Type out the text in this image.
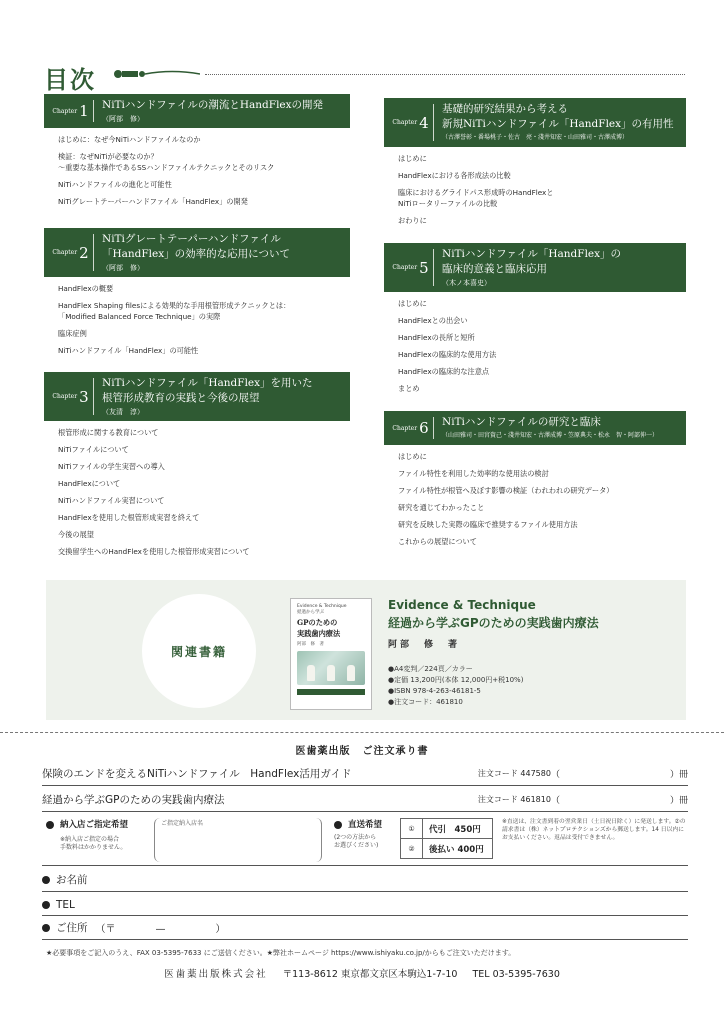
目次
Chapter 1 NiTiハンドファイルの潮流とHandFlexの開発
（阿部　修）
はじめに：なぜ今NiTiハンドファイルなのか
検証：なぜNiTiが必要なのか？
～重要な基本操作であるSSハンドファイルテクニックとそのリスク
NiTiハンドファイルの進化と可能性
NiTiグレートテーパーハンドファイル「HandFlex」の開発
Chapter 2
NiTiグレートテーパーハンドファイル
「HandFlex」の効率的な応用について
（阿部　修）
HandFlexの概要
HandFlex Shaping filesによる効果的な手用根管形成テクニックとは：
「Modified Balanced Force Technique」の実際
臨床症例
NiTiハンドファイル「HandFlex」の可能性
Chapter 3
NiTiハンドファイル「HandFlex」を用いた
根管形成教育の実践と今後の展望
（友清　淳）
根管形成に関する教育について
NiTiファイルについて
NiTiファイルの学生実習への導入
HandFlexについて
NiTiハンドファイル実習について
HandFlexを使用した根管形成実習を終えて
今後の展望
交換留学生へのHandFlexを使用した根管形成実習について
Chapter 4
基礎的研究結果から考える
新規NiTiハンドファイル「HandFlex」の有用性
（古澤誉彰・番場桃子・佐古　亮・淺井知宏・山田雅司・古澤成博）
はじめに
HandFlexにおける各形成法の比較
臨床におけるグライドパス形成時のHandFlexと
NiTiロータリーファイルの比較
おわりに
Chapter 5
NiTiハンドファイル「HandFlex」の
臨床的意義と臨床応用
（木ノ本喜史）
はじめに
HandFlexとの出会い
HandFlexの長所と短所
HandFlexの臨床的な使用方法
HandFlexの臨床的な注意点
まとめ
Chapter 6 NiTiハンドファイルの研究と臨床
（山田雅司・田宮資己・淺井知宏・古澤成博・笠原典夫・松永　智・阿部伸一）
はじめに
ファイル特性を利用した効率的な使用法の検討
ファイル特性が根管へ及ぼす影響の検証（われわれの研究データ）
研究を通じてわかったこと
研究を反映した実際の臨床で推奨するファイル使用方法
これからの展望について
関連書籍
Evidence & Technique
経過から学ぶ
GPのための
実践歯内療法
阿部　修　著
Evidence & Technique
経過から学ぶGPのための実践歯内療法
阿部　修　著
●A4変判／224頁／カラー
●定価 13,200円(本体 12,000円+税10%)
●ISBN 978-4-263-46181-5
●注文コード：461810
医歯薬出版 ご注文承り書
保険のエンドを変えるNiTiハンドファイル　HandFlex活用ガイド	注文コード 447580 （	）冊
経過から学ぶGPのための実践歯内療法	注文コード 461810 （	）冊
納入店ご指定希望
※納入店ご指定の場合
手数料はかかりません。
ご指定納入店名	直送希望
(2つの方法から
お選びください)
①	代引　450円
②	後払い 400円
※直送は、注文書到着の翌営業日（土日祝日除く）に発送します。②の請求書は（株）ネットプロテクションズから郵送します。14 日以内にお支払いください。返品は受付できません。
お名前
TEL
ご住所 （〒　　　　—　　　　　）
★必要事項をご記入のうえ、FAX 03-5395-7633 にご送信ください。★弊社ホームページ https://www.ishiyaku.co.jp/からもご注文いただけます。
医歯薬出版株式会社 〒113-8612 東京都文京区本駒込1-7-10 TEL 03-5395-7630
